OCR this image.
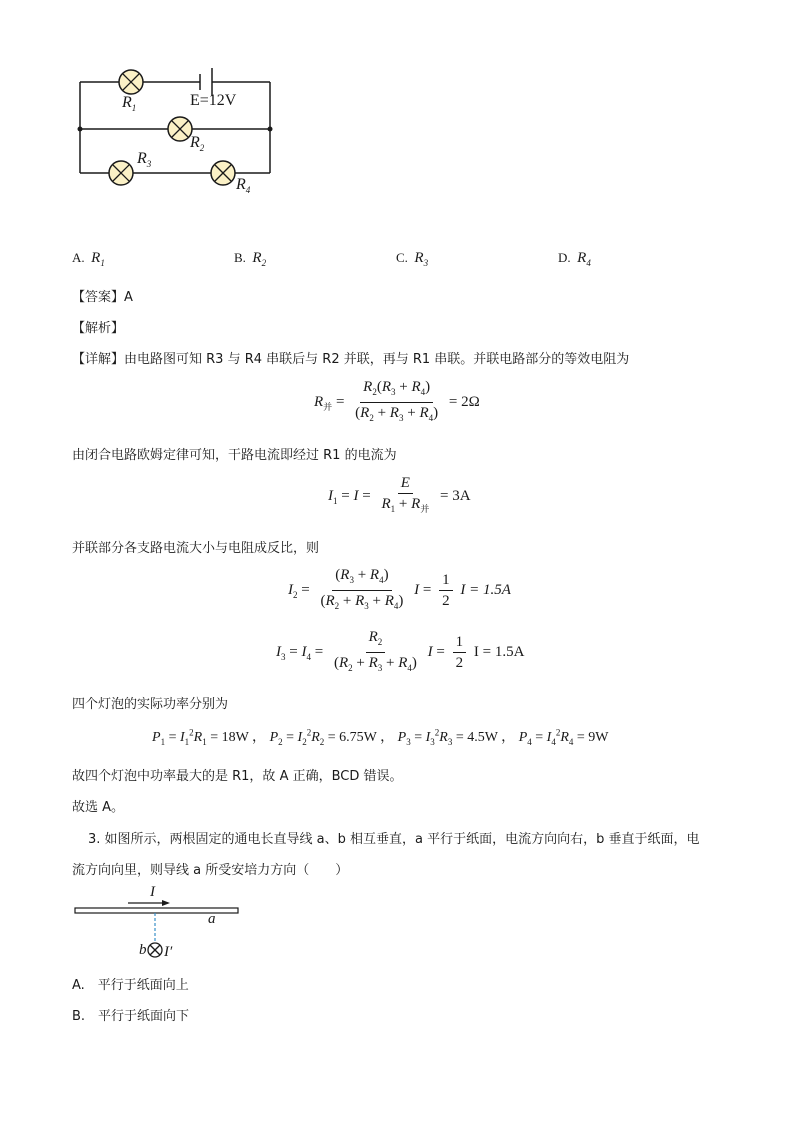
$R_1$	E=12V
$R_2$
$R_3$
$R_4$
A. $R_1$	B. $R_2$	C. $R_3$	D. $R_4$
【答案】A
【解析】
【详解】由电路图可知 R3 与 R4 串联后与 R2 并联，再与 R1 串联。并联电路部分的等效电阻为
$R_并 = \frac{R_2(R_3 + R_4)}{(R_2 + R_3 + R_4)} = 2\Omega$
由闭合电路欧姆定律可知，干路电流即经过 R1 的电流为
$I_1 = I = \frac{E}{R_1 + R_并} = 3A$
并联部分各支路电流大小与电阻成反比，则
$I_2 = \frac{(R_3 + R_4)}{(R_2 + R_3 + R_4)}$ $I = \frac{1}{2}$ I = 1.5A
$I_3 = I_4 = \frac{R_2}{(R_2 + R_3 + R_4)}$ $I = \frac{1}{2}$ I = 1.5A
四个灯泡的实际功率分别为
$P_1 = I_1^2R_1 = 18W$ ， $P_2 = I_2^2R_2 = 6.75W$ ， $P_3 = I_3^2R_3 = 4.5W$ ， $P_4 = I_4^2R_4 = 9W$
故四个灯泡中功率最大的是 R1，故 A 正确，BCD 错误。
故选 A。
3. 如图所示，两根固定的通电长直导线 a、b 相互垂直，a 平行于纸面，电流方向向右，b 垂直于纸面，电
流方向向里，则导线 a 所受安培力方向（　　）
I
a
b I′
A.　平行于纸面向上
B.　平行于纸面向下
